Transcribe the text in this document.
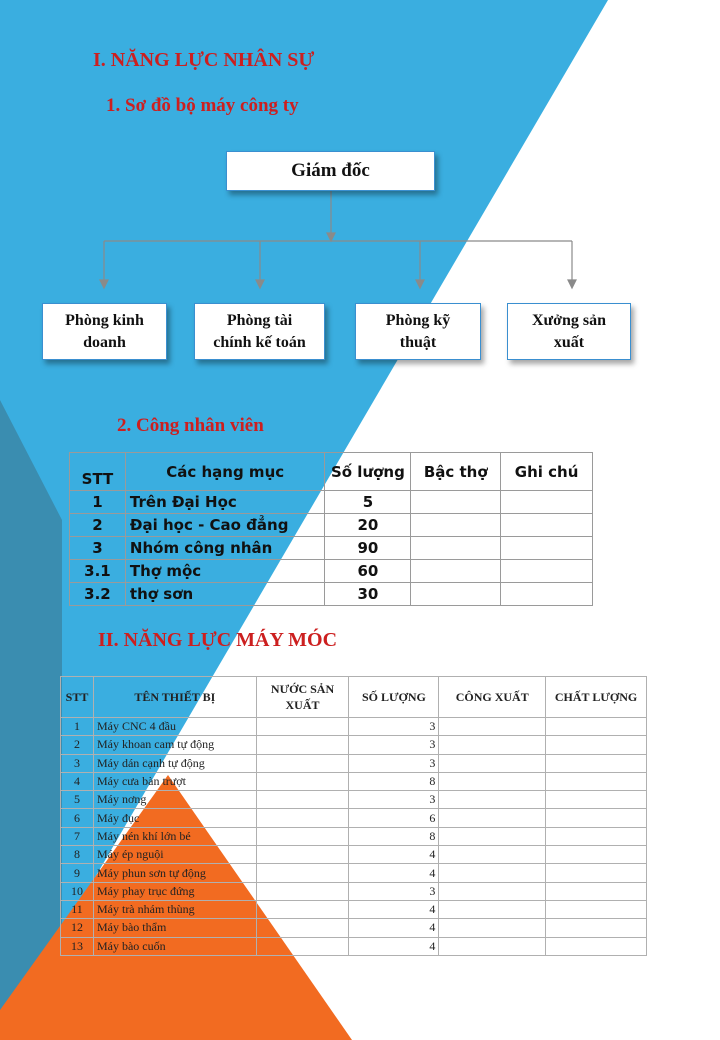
I. NĂNG LỰC NHÂN SỰ
1. Sơ đồ bộ máy công ty
Giám đốc
Phòng kinh
doanh
Phòng tài
chính kế toán
Phòng kỹ
thuật
Xưởng sản
xuất
2. Công nhân viên
STT	Các hạng mục	Số lượng	Bậc thợ	Ghi chú
1	Trên Đại Học	5		
2	Đại học - Cao đẳng	20		
3	Nhóm công nhân	90		
3.1	Thợ mộc	60		
3.2	thợ sơn	30		
II. NĂNG LỰC MÁY MÓC
STT	TÊN THIẾT BỊ	NƯỚC SẢN XUẤT	SỐ LƯỢNG	CÔNG XUẤT	CHẤT LƯỢNG
1	Máy CNC 4 đầu		3		
2	Máy khoan cam tự động		3		
3	Máy dán cạnh tự động		3		
4	Máy cưa bàn trượt		8		
5	Máy nơng		3		
6	Máy đục		6		
7	Máy nén khí lớn bé		8		
8	Máy ép nguội		4		
9	Máy phun sơn tự động		4		
10	Máy phay trục đứng		3		
11	Máy trà nhám thùng		4		
12	Máy bào thẩm		4		
13	Máy bào cuốn		4		
